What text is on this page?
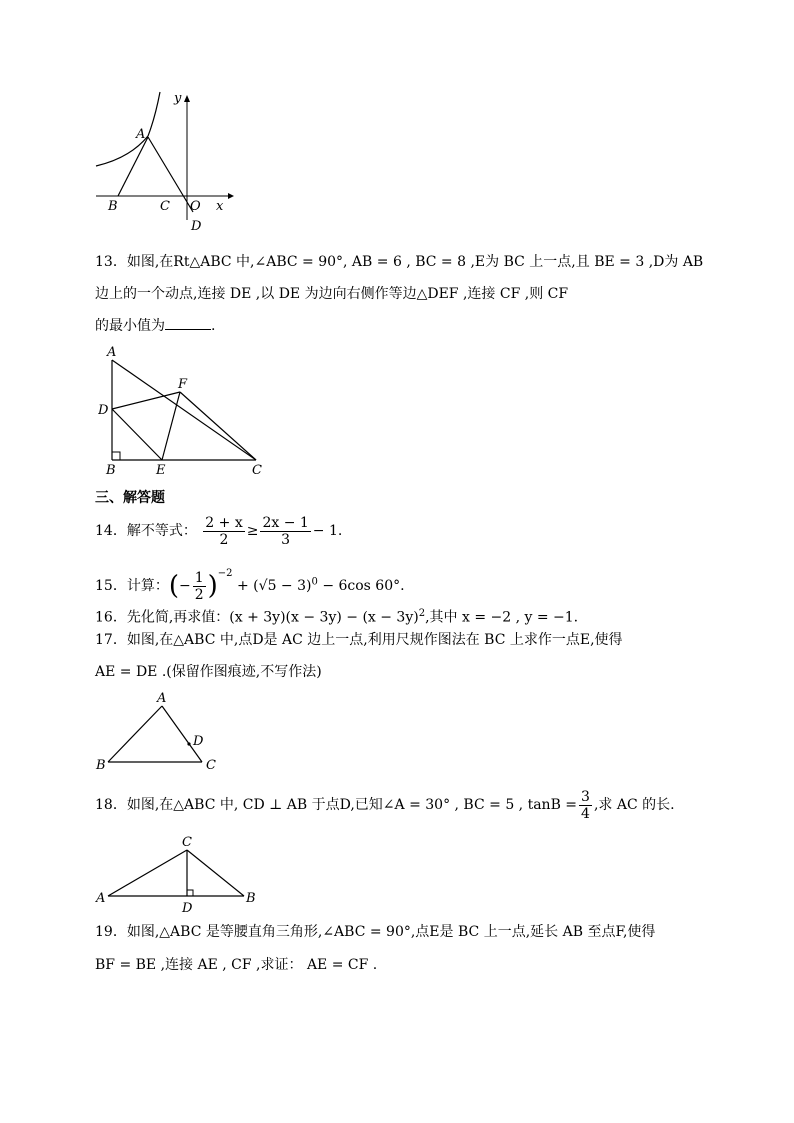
y
A
B	C O x
D
13．如图,在Rt△ABC 中,∠ABC = 90°, AB = 6 , BC = 8 ,E为 BC 上一点,且 BE = 3 ,D为 AB
边上的一个动点,连接 DE ,以 DE 为边向右侧作等边△DEF ,连接 CF ,则 CF
的最小值为	.
A
F
D
B	E	C
三、解答题
14．解不等式： $\frac{2 + x}{2} \ge \frac{2x - 1}{3} - 1$.
15．计算：(− $\frac{1}{2} )^{-2} + (√5 - 3)^0 - 6\cos$ 60°.
16．先化简,再求值：$(x + 3y)(x - 3y) - (x - 3y)^2$,其中 x = −2 , y = −1.
17．如图,在△ABC 中,点D是 AC 边上一点,利用尺规作图法在 BC 上求作一点E,使得
AE = DE .(保留作图痕迹,不写作法)
A
D
B	C
18．如图,在△ABC 中, CD ⊥ AB 于点D,已知∠A = 30° , BC = 5 , $\tan B = \frac{3}{4}$ ,求 AC 的长.
C
A	B
D
19．如图,△ABC 是等腰直角三角形,∠ABC = 90°,点E是 BC 上一点,延长 AB 至点F,使得
BF = BE ,连接 AE , CF ,求证： AE = CF .
